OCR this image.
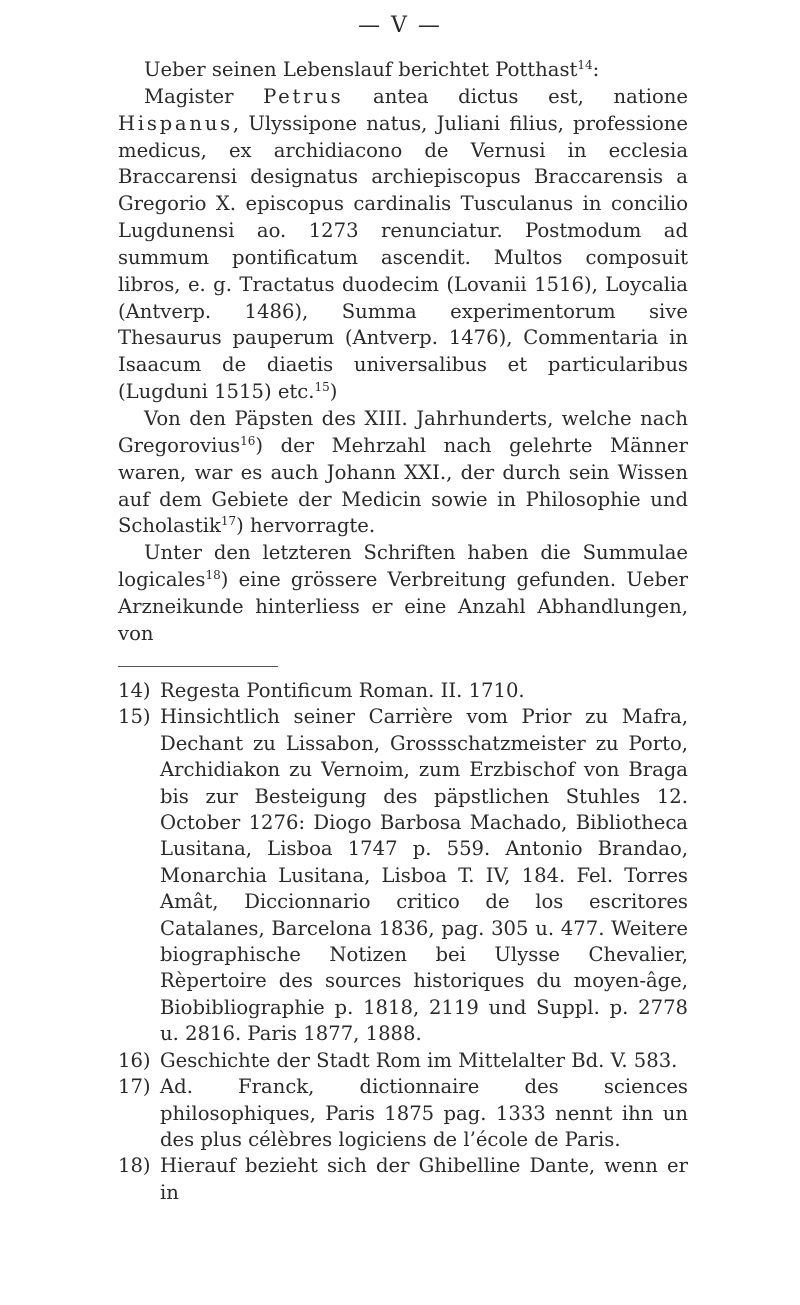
— V —

Ueber seinen Lebenslauf berichtet Potthast$^{14}$:

Magister Petrus antea dictus est, natione Hispanus, Ulyssipone natus, Juliani filius, professione medicus, ex archidiacono de Vernusi in ecclesia Braccarensi designatus archiepiscopus Braccarensis a Gregorio X. episcopus cardinalis Tusculanus in concilio Lugdunensi ao. 1273 renunciatur. Postmodum ad summum pontificatum ascendit. Multos composuit libros, e. g. Tractatus duodecim (Lovanii 1516), Loycalia (Antverp. 1486), Summa experimentorum sive Thesaurus pauperum (Antverp. 1476), Commentaria in Isaacum de diaetis universalibus et particularibus (Lugduni 1515) etc.$^{15}$)

Von den Päpsten des XIII. Jahrhunderts, welche nach Gregorovius$^{16}$) der Mehrzahl nach gelehrte Männer waren, war es auch Johann XXI., der durch sein Wissen auf dem Gebiete der Medicin sowie in Philosophie und Scholastik$^{17}$) hervorragte.

Unter den letzteren Schriften haben die Summulae logicales$^{18}$) eine grössere Verbreitung gefunden. Ueber Arzneikunde hinterliess er eine Anzahl Abhandlungen, von

14) Regesta Pontificum Roman. II. 1710.
15) Hinsichtlich seiner Carrière vom Prior zu Mafra, Dechant zu Lissabon, Grossschatzmeister zu Porto, Archidiakon zu Vernoim, zum Erzbischof von Braga bis zur Besteigung des päpstlichen Stuhles 12. October 1276: Diogo Barbosa Machado, Bibliotheca Lusitana, Lisboa 1747 p. 559. Antonio Brandao, Monarchia Lusitana, Lisboa T. IV, 184. Fel. Torres Amât, Diccionnario critico de los escritores Catalanes, Barcelona 1836, pag. 305 u. 477. Weitere biographische Notizen bei Ulysse Chevalier, Rèpertoire des sources historiques du moyen-âge, Biobibliographie p. 1818, 2119 und Suppl. p. 2778 u. 2816. Paris 1877, 1888.
16) Geschichte der Stadt Rom im Mittelalter Bd. V. 583.
17) Ad. Franck, dictionnaire des sciences philosophiques, Paris 1875 pag. 1333 nennt ihn un des plus célèbres logiciens de l’école de Paris.
18) Hierauf bezieht sich der Ghibelline Dante, wenn er in
